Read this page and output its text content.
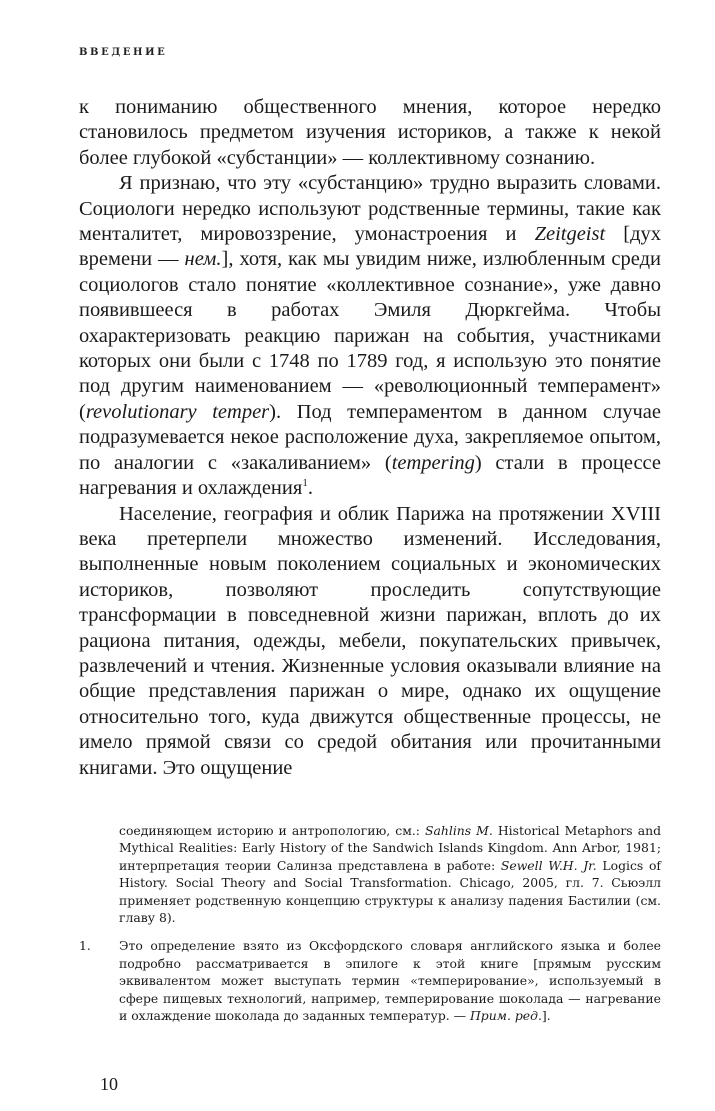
ВВЕДЕНИЕ

к пониманию общественного мнения, которое нередко становилось предметом изучения историков, а также к некой более глубокой «субстанции» — коллективному сознанию.

Я признаю, что эту «субстанцию» трудно выразить словами. Социологи нередко используют родственные термины, такие как менталитет, мировоззрение, умонастроения и Zeitgeist [дух времени — нем.], хотя, как мы увидим ниже, излюбленным среди социологов стало понятие «коллективное сознание», уже давно появившееся в работах Эмиля Дюркгейма. Чтобы охарактеризовать реакцию парижан на события, участниками которых они были с 1748 по 1789 год, я использую это понятие под другим наименованием — «революционный темперамент» (revolutionary temper). Под темпераментом в данном случае подразумевается некое расположение духа, закрепляемое опытом, по аналогии с «закаливанием» (tempering) стали в процессе нагревания и охлаждения$^1$.

Население, география и облик Парижа на протяжении XVIII века претерпели множество изменений. Исследования, выполненные новым поколением социальных и экономических историков, позволяют проследить сопутствующие трансформации в повседневной жизни парижан, вплоть до их рациона питания, одежды, мебели, покупательских привычек, развлечений и чтения. Жизненные условия оказывали влияние на общие представления парижан о мире, однако их ощущение относительно того, куда движутся общественные процессы, не имело прямой связи со средой обитания или прочитанными книгами. Это ощущение

соединяющем историю и антропологию, см.: Sahlins M. Historical Metaphors and Mythical Realities: Early History of the Sandwich Islands Kingdom. Ann Arbor, 1981; интерпретация теории Салинза представлена в работе: Sewell W.H. Jr. Logics of History. Social Theory and Social Transformation. Chicago, 2005, гл. 7. Сьюэлл применяет родственную концепцию структуры к анализу падения Бастилии (см. главу 8).

1. Это определение взято из Оксфордского словаря английского языка и более подробно рассматривается в эпилоге к этой книге [прямым русским эквивалентом может выступать термин «темперирование», используемый в сфере пищевых технологий, например, темперирование шоколада — нагревание и охлаждение шоколада до заданных температур. — Прим. ред.].

10
